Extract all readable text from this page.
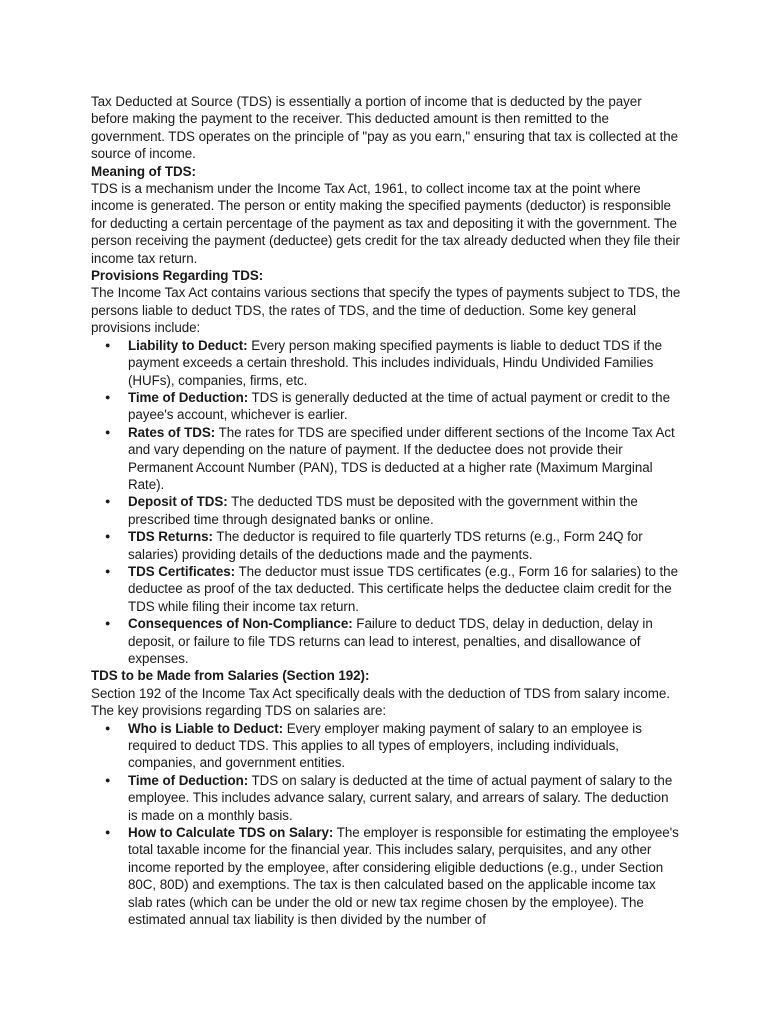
Tax Deducted at Source (TDS) is essentially a portion of income that is deducted by the payer before making the payment to the receiver. This deducted amount is then remitted to the government. TDS operates on the principle of "pay as you earn," ensuring that tax is collected at the source of income.

Meaning of TDS:

TDS is a mechanism under the Income Tax Act, 1961, to collect income tax at the point where income is generated. The person or entity making the specified payments (deductor) is responsible for deducting a certain percentage of the payment as tax and depositing it with the government. The person receiving the payment (deductee) gets credit for the tax already deducted when they file their income tax return.

Provisions Regarding TDS:

The Income Tax Act contains various sections that specify the types of payments subject to TDS, the persons liable to deduct TDS, the rates of TDS, and the time of deduction. Some key general provisions include:

● Liability to Deduct: Every person making specified payments is liable to deduct TDS if the payment exceeds a certain threshold. This includes individuals, Hindu Undivided Families (HUFs), companies, firms, etc.
● Time of Deduction: TDS is generally deducted at the time of actual payment or credit to the payee's account, whichever is earlier.
● Rates of TDS: The rates for TDS are specified under different sections of the Income Tax Act and vary depending on the nature of payment. If the deductee does not provide their Permanent Account Number (PAN), TDS is deducted at a higher rate (Maximum Marginal Rate).
● Deposit of TDS: The deducted TDS must be deposited with the government within the prescribed time through designated banks or online.
● TDS Returns: The deductor is required to file quarterly TDS returns (e.g., Form 24Q for salaries) providing details of the deductions made and the payments.
● TDS Certificates: The deductor must issue TDS certificates (e.g., Form 16 for salaries) to the deductee as proof of the tax deducted. This certificate helps the deductee claim credit for the TDS while filing their income tax return.
● Consequences of Non-Compliance: Failure to deduct TDS, delay in deduction, delay in deposit, or failure to file TDS returns can lead to interest, penalties, and disallowance of expenses.

TDS to be Made from Salaries (Section 192):

Section 192 of the Income Tax Act specifically deals with the deduction of TDS from salary income. The key provisions regarding TDS on salaries are:

● Who is Liable to Deduct: Every employer making payment of salary to an employee is required to deduct TDS. This applies to all types of employers, including individuals, companies, and government entities.
● Time of Deduction: TDS on salary is deducted at the time of actual payment of salary to the employee. This includes advance salary, current salary, and arrears of salary. The deduction is made on a monthly basis.
● How to Calculate TDS on Salary: The employer is responsible for estimating the employee's total taxable income for the financial year. This includes salary, perquisites, and any other income reported by the employee, after considering eligible deductions (e.g., under Section 80C, 80D) and exemptions. The tax is then calculated based on the applicable income tax slab rates (which can be under the old or new tax regime chosen by the employee). The estimated annual tax liability is then divided by the number of
